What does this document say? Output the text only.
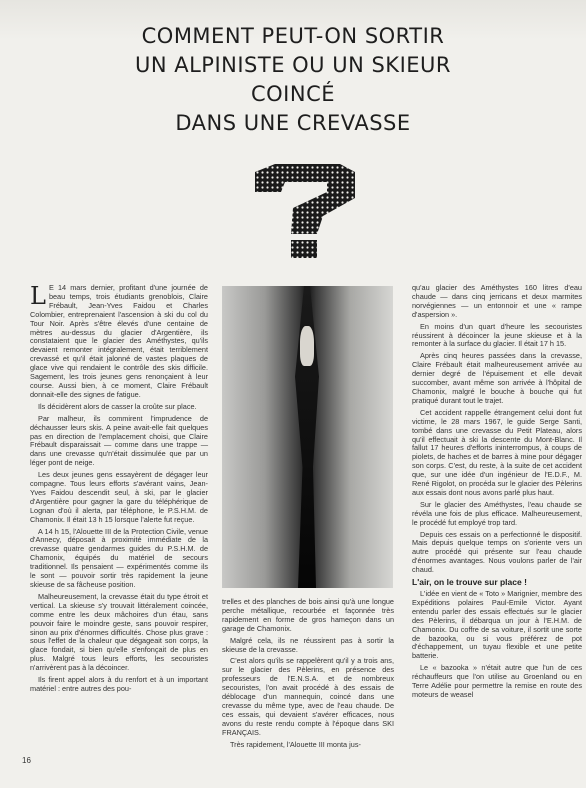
COMMENT PEUT-ON SORTIR
UN ALPINISTE OU UN SKIEUR
COINCÉ
DANS UNE CREVASSE

L E 14 mars dernier, profitant d'une journée de beau temps, trois étudiants grenoblois, Claire Frébault, Jean-Yves Faidou et Charles Colombier, entreprenaient l'ascension à ski du col du Tour Noir. Après s'être élevés d'une centaine de mètres au-dessus du glacier d'Argentière, ils constataient que le glacier des Améthystes, qu'ils devaient remonter intégralement, était terriblement crevassé et qu'il était jalonné de vastes plaques de glace vive qui rendaient le contrôle des skis difficile. Sagement, les trois jeunes gens renonçaient à leur course. Aussi bien, à ce moment, Claire Frébault donnait-elle des signes de fatigue.

Ils décidèrent alors de casser la croûte sur place.

Par malheur, ils commirent l'imprudence de déchausser leurs skis. A peine avait-elle fait quelques pas en direction de l'emplacement choisi, que Claire Frébault disparaissait — comme dans une trappe — dans une crevasse qu'n'était dissimulée que par un léger pont de neige.

Les deux jeunes gens essayèrent de dégager leur compagne. Tous leurs efforts s'avérant vains, Jean-Yves Faidou descendit seul, à ski, par le glacier d'Argentière pour gagner la gare du téléphérique de Lognan d'où il alerta, par téléphone, le P.S.H.M. de Chamonix. Il était 13 h 15 lorsque l'alerte fut reçue.

A 14 h 15, l'Alouette III de la Protection Civile, venue d'Annecy, déposait à proximité immédiate de la crevasse quatre gendarmes guides du P.S.H.M. de Chamonix, équipés du matériel de secours traditionnel. Ils pensaient — expérimentés comme ils le sont — pouvoir sortir très rapidement la jeune skieuse de sa fâcheuse position.

Malheureusement, la crevasse était du type étroit et vertical. La skieuse s'y trouvait littéralement coincée, comme entre les deux mâchoires d'un étau, sans pouvoir faire le moindre geste, sans pouvoir respirer, sinon au prix d'énormes difficultés. Chose plus grave : sous l'effet de la chaleur que dégageait son corps, la glace fondait, si bien qu'elle s'enfonçait de plus en plus. Malgré tous leurs efforts, les secouristes n'arrivèrent pas à la décoincer.

Ils firent appel alors à du renfort et à un important matériel : entre autres des pou-

trelles et des planches de bois ainsi qu'à une longue perche métallique, recourbée et façonnée très rapidement en forme de gros hameçon dans un garage de Chamonix.

Malgré cela, ils ne réussirent pas à sortir la skieuse de la crevasse.

C'est alors qu'ils se rappelèrent qu'il y a trois ans, sur le glacier des Pèlerins, en présence des professeurs de l'E.N.S.A. et de nombreux secouristes, l'on avait procédé à des essais de déblocage d'un mannequin, coincé dans une crevasse du même type, avec de l'eau chaude. De ces essais, qui devaient s'avérer efficaces, nous avons du reste rendu compte à l'époque dans SKI FRANÇAIS.

Très rapidement, l'Alouette III monta jus-

qu'au glacier des Améthystes 160 litres d'eau chaude — dans cinq jerricans et deux marmites norvégiennes — un entonnoir et une « rampe d'aspersion ».

En moins d'un quart d'heure les secouristes réussirent à décoincer la jeune skieuse et à la remonter à la surface du glacier. Il était 17 h 15.

Après cinq heures passées dans la crevasse, Claire Frébault était malheureusement arrivée au dernier degré de l'épuisement et elle devait succomber, avant même son arrivée à l'hôpital de Chamonix, malgré le bouche à bouche qui fut pratiqué durant tout le trajet.

Cet accident rappelle étrangement celui dont fut victime, le 28 mars 1967, le guide Serge Santi, tombé dans une crevasse du Petit Plateau, alors qu'il effectuait à ski la descente du Mont-Blanc. Il fallut 17 heures d'efforts ininterrompus, à coups de piolets, de haches et de barres à mine pour dégager son corps. C'est, du reste, à la suite de cet accident que, sur une idée d'un ingénieur de l'E.D.F., M. René Rigolot, on procéda sur le glacier des Pèlerins aux essais dont nous avons parlé plus haut.

Sur le glacier des Améthystes, l'eau chaude se révéla une fois de plus efficace. Malheureusement, le procédé fut employé trop tard.

Depuis ces essais on a perfectionné le dispositif. Mais depuis quelque temps on s'oriente vers un autre procédé qui présente sur l'eau chaude d'énormes avantages. Nous voulons parler de l'air chaud.

L'air, on le trouve sur place !

L'idée en vient de « Toto » Marignier, membre des Expéditions polaires Paul-Emile Victor. Ayant entendu parler des essais effectués sur le glacier des Pèlerins, il débarqua un jour à l'E.H.M. de Chamonix. Du coffre de sa voiture, il sortit une sorte de bazooka, ou si vous préférez de pot d'échappement, un tuyau flexible et une petite batterie.

Le « bazooka » n'était autre que l'un de ces réchauffeurs que l'on utilise au Groenland ou en Terre Adélie pour permettre la remise en route des moteurs de weasel

16
